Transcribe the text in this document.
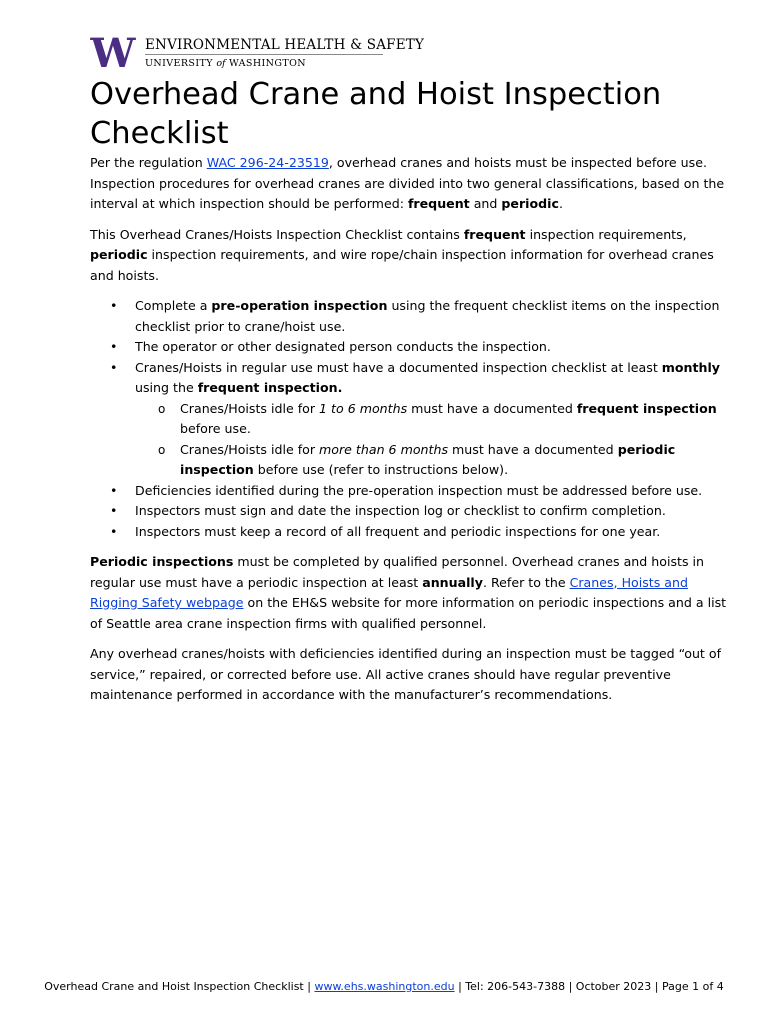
W ENVIRONMENTAL HEALTH & SAFETY
UNIVERSITY of WASHINGTON
Overhead Crane and Hoist Inspection Checklist

Per the regulation WAC 296-24-23519, overhead cranes and hoists must be inspected before use. Inspection procedures for overhead cranes are divided into two general classifications, based on the interval at which inspection should be performed: frequent and periodic.

This Overhead Cranes/Hoists Inspection Checklist contains frequent inspection requirements, periodic inspection requirements, and wire rope/chain inspection information for overhead cranes and hoists.

• Complete a pre-operation inspection using the frequent checklist items on the inspection checklist prior to crane/hoist use.
• The operator or other designated person conducts the inspection.
• Cranes/Hoists in regular use must have a documented inspection checklist at least monthly using the frequent inspection.
o Cranes/Hoists idle for 1 to 6 months must have a documented frequent inspection before use.
o Cranes/Hoists idle for more than 6 months must have a documented periodic inspection before use (refer to instructions below).
• Deficiencies identified during the pre-operation inspection must be addressed before use.
• Inspectors must sign and date the inspection log or checklist to confirm completion.
• Inspectors must keep a record of all frequent and periodic inspections for one year.

Periodic inspections must be completed by qualified personnel. Overhead cranes and hoists in regular use must have a periodic inspection at least annually. Refer to the Cranes, Hoists and Rigging Safety webpage on the EH&S website for more information on periodic inspections and a list of Seattle area crane inspection firms with qualified personnel.

Any overhead cranes/hoists with deficiencies identified during an inspection must be tagged “out of service,” repaired, or corrected before use. All active cranes should have regular preventive maintenance performed in accordance with the manufacturer’s recommendations.

Overhead Crane and Hoist Inspection Checklist | www.ehs.washington.edu | Tel: 206-543-7388 | October 2023 | Page 1 of 4
